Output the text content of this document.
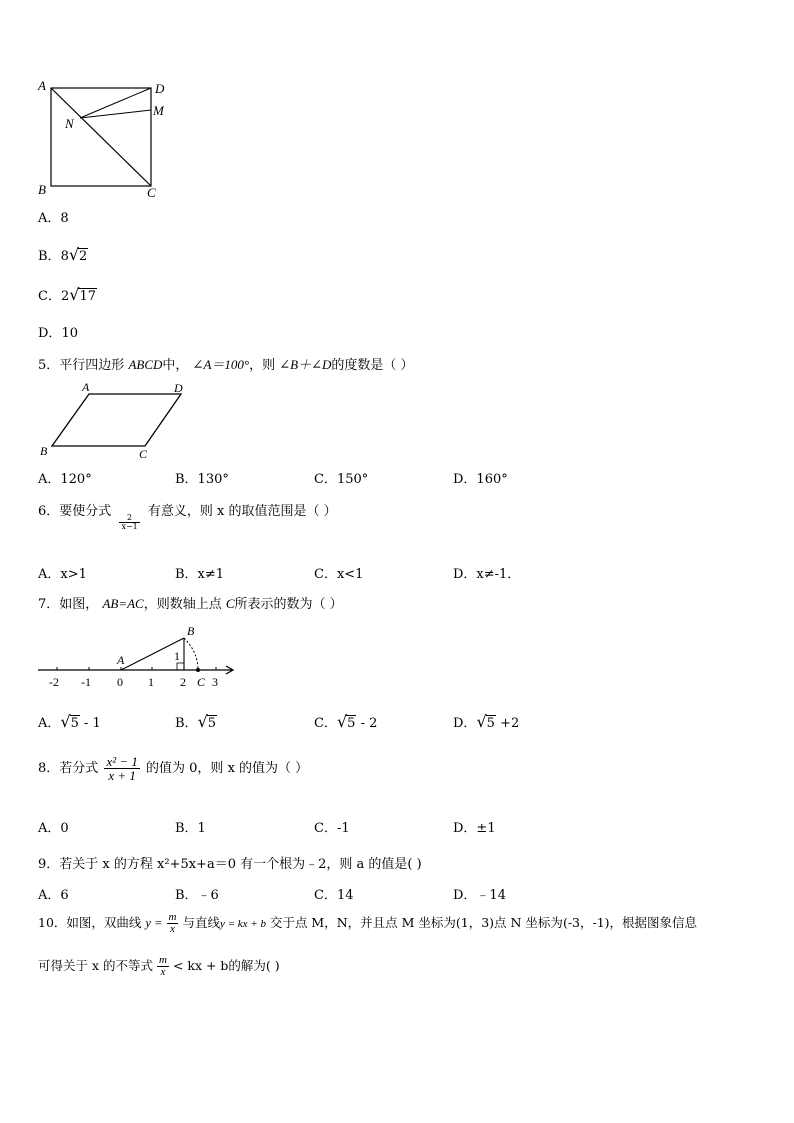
A	D
M
N
B	C
A．8
B．8√2
C．2√17
D．10
5．平行四边形 ABCD中， ∠A＝100°，则 ∠B＋∠D的度数是（ ）
A	D
B	C
A．120°	B．130°	C．150°	D．160°
6．要使分式
$\frac{2}{x-1}$
有意义，则 x 的取值范围是（ ）
A．x>1	B．x≠1	C．x<1	D．x≠-1．
7．如图， AB=AC，则数轴上点 C所表示的数为（ ）
A
B
1
C
-2 -1 0 1 2 3
A．√5 - 1	B．√5	C．√5 - 2	D．√5 +2
8．若分式 $\frac{\text{x² − 1}}{x + 1}$ 的值为 0，则 x 的值为（ ）
A．0	B．1	C．-1	D．±1
9．若关于 x 的方程 x²+5x+a＝0 有一个根为﹣2，则 a 的值是( )
A．6	B．﹣6	C．14	D．﹣14
10．如图，双曲线 $y = \frac{m}{x}$ 与直线y = kx + b 交于点 M，N，并且点 M 坐标为(1，3)点 N 坐标为(-3，-1)，根据图象信息
可得关于 x 的不等式 $\frac{m}{x}$ < kx + b的解为( )
